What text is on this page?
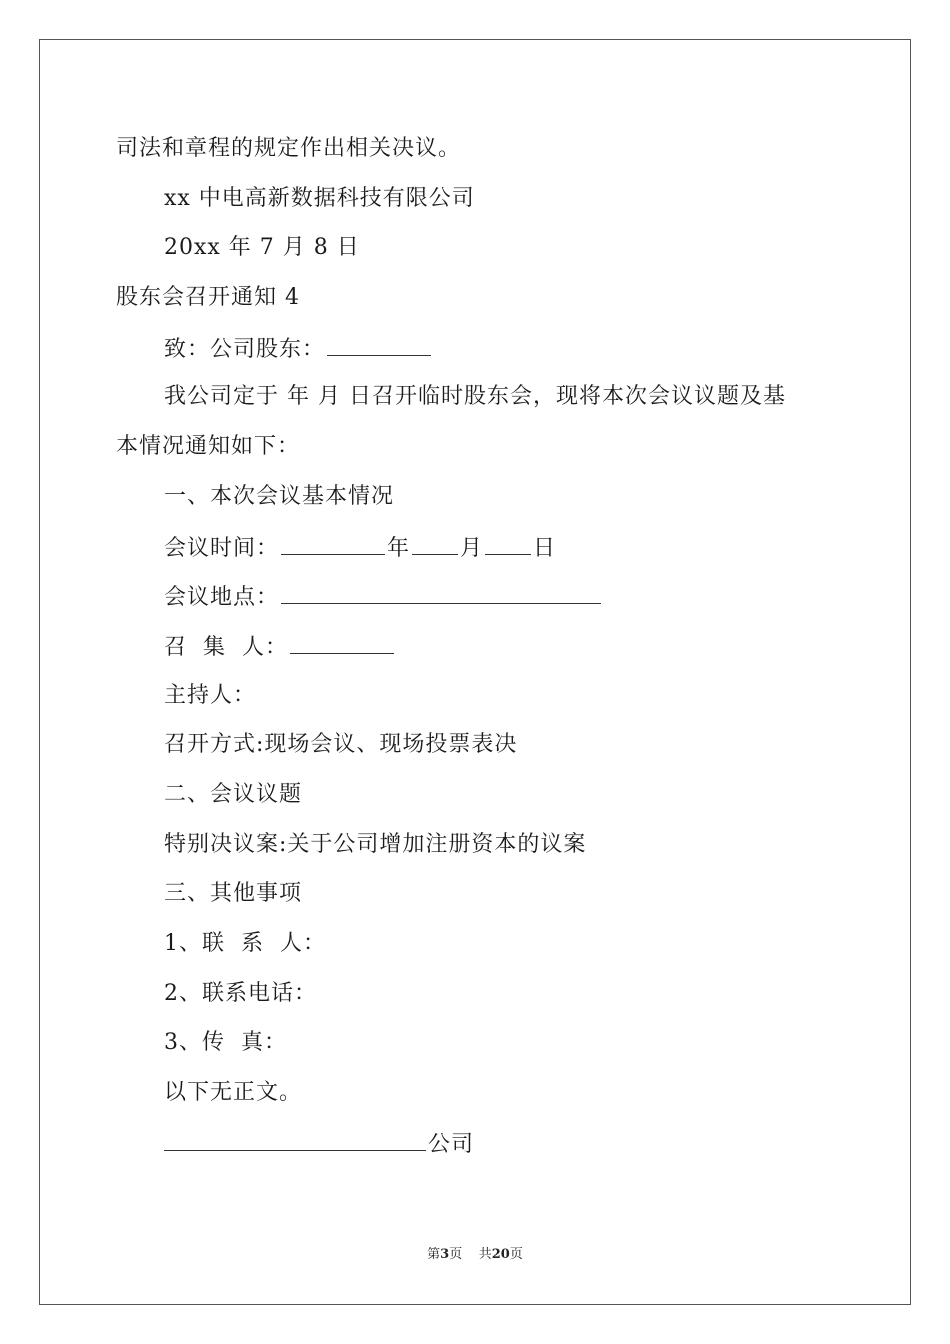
司法和章程的规定作出相关决议。
xx 中电高新数据科技有限公司
20xx 年 7 月 8 日
股东会召开通知 4
致：公司股东：
我公司定于 年 月 日召开临时股东会，现将本次会议议题及基
本情况通知如下：
一、本次会议基本情况
会议时间：	年 月 日
会议地点：
召  集  人：
主持人：
召开方式:现场会议、现场投票表决
二、会议议题
特别决议案:关于公司增加注册资本的议案
三、其他事项
1、联  系  人：
2、联系电话：
3、传  真：
以下无正文。
公司
第3页    共20页
